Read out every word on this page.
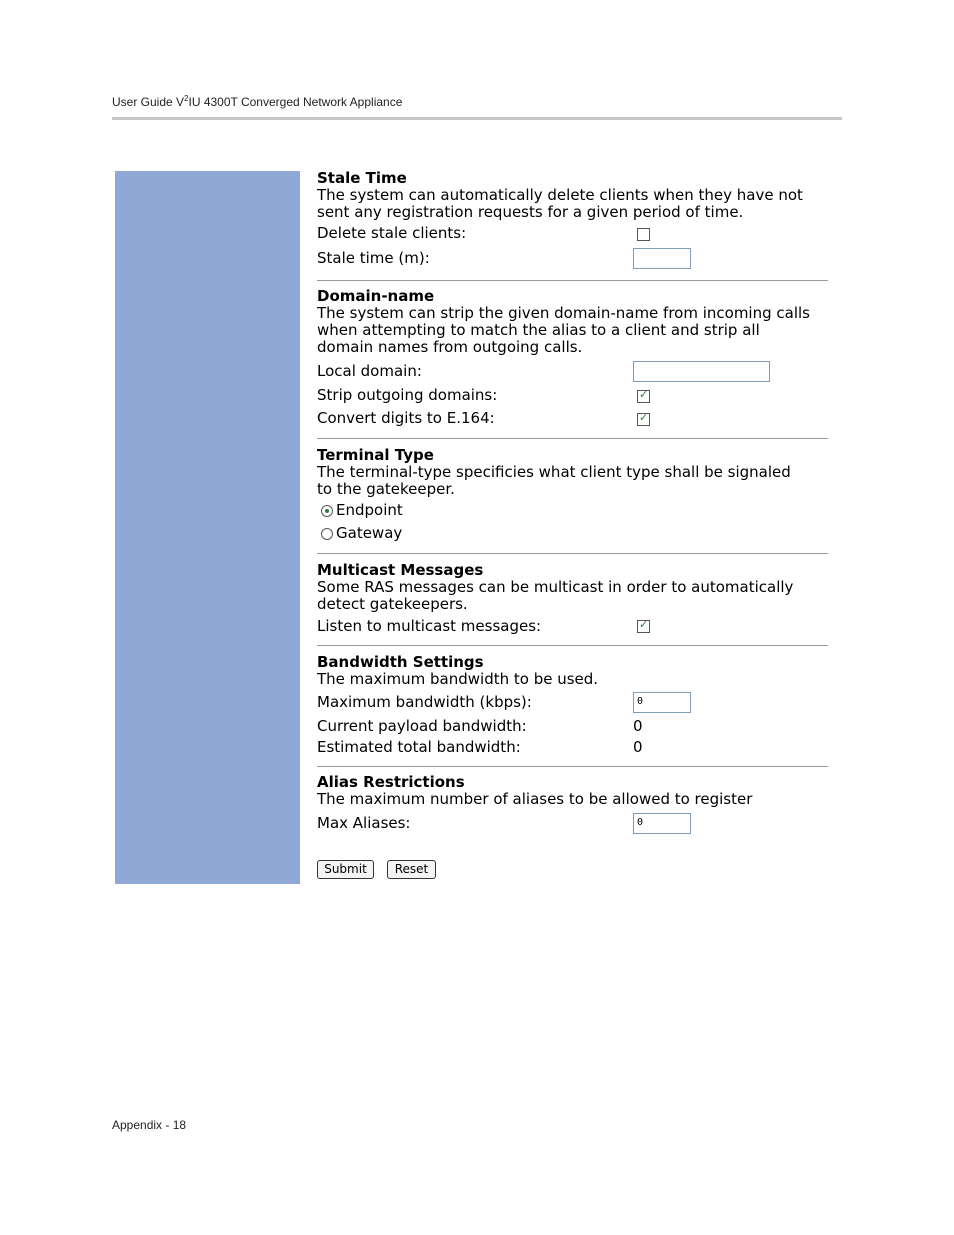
User Guide $V^2IU$ 4300T Converged Network Appliance
Stale Time
The system can automatically delete clients when they have not
sent any registration requests for a given period of time.
Delete stale clients:
Stale time (m):
Domain-name
The system can strip the given domain-name from incoming calls
when attempting to match the alias to a client and strip all
domain names from outgoing calls.
Local domain:
Strip outgoing domains:	✓
Convert digits to E.164:	✓
Terminal Type
The terminal-type specificies what client type shall be signaled
to the gatekeeper.
Endpoint
Gateway
Multicast Messages
Some RAS messages can be multicast in order to automatically
detect gatekeepers.
Listen to multicast messages:	✓
Bandwidth Settings
The maximum bandwidth to be used.
Maximum bandwidth (kbps):	0
Current payload bandwidth:	0
Estimated total bandwidth:	0
Alias Restrictions
The maximum number of aliases to be allowed to register
Max Aliases:	0
Submit	Reset
Appendix - 18
